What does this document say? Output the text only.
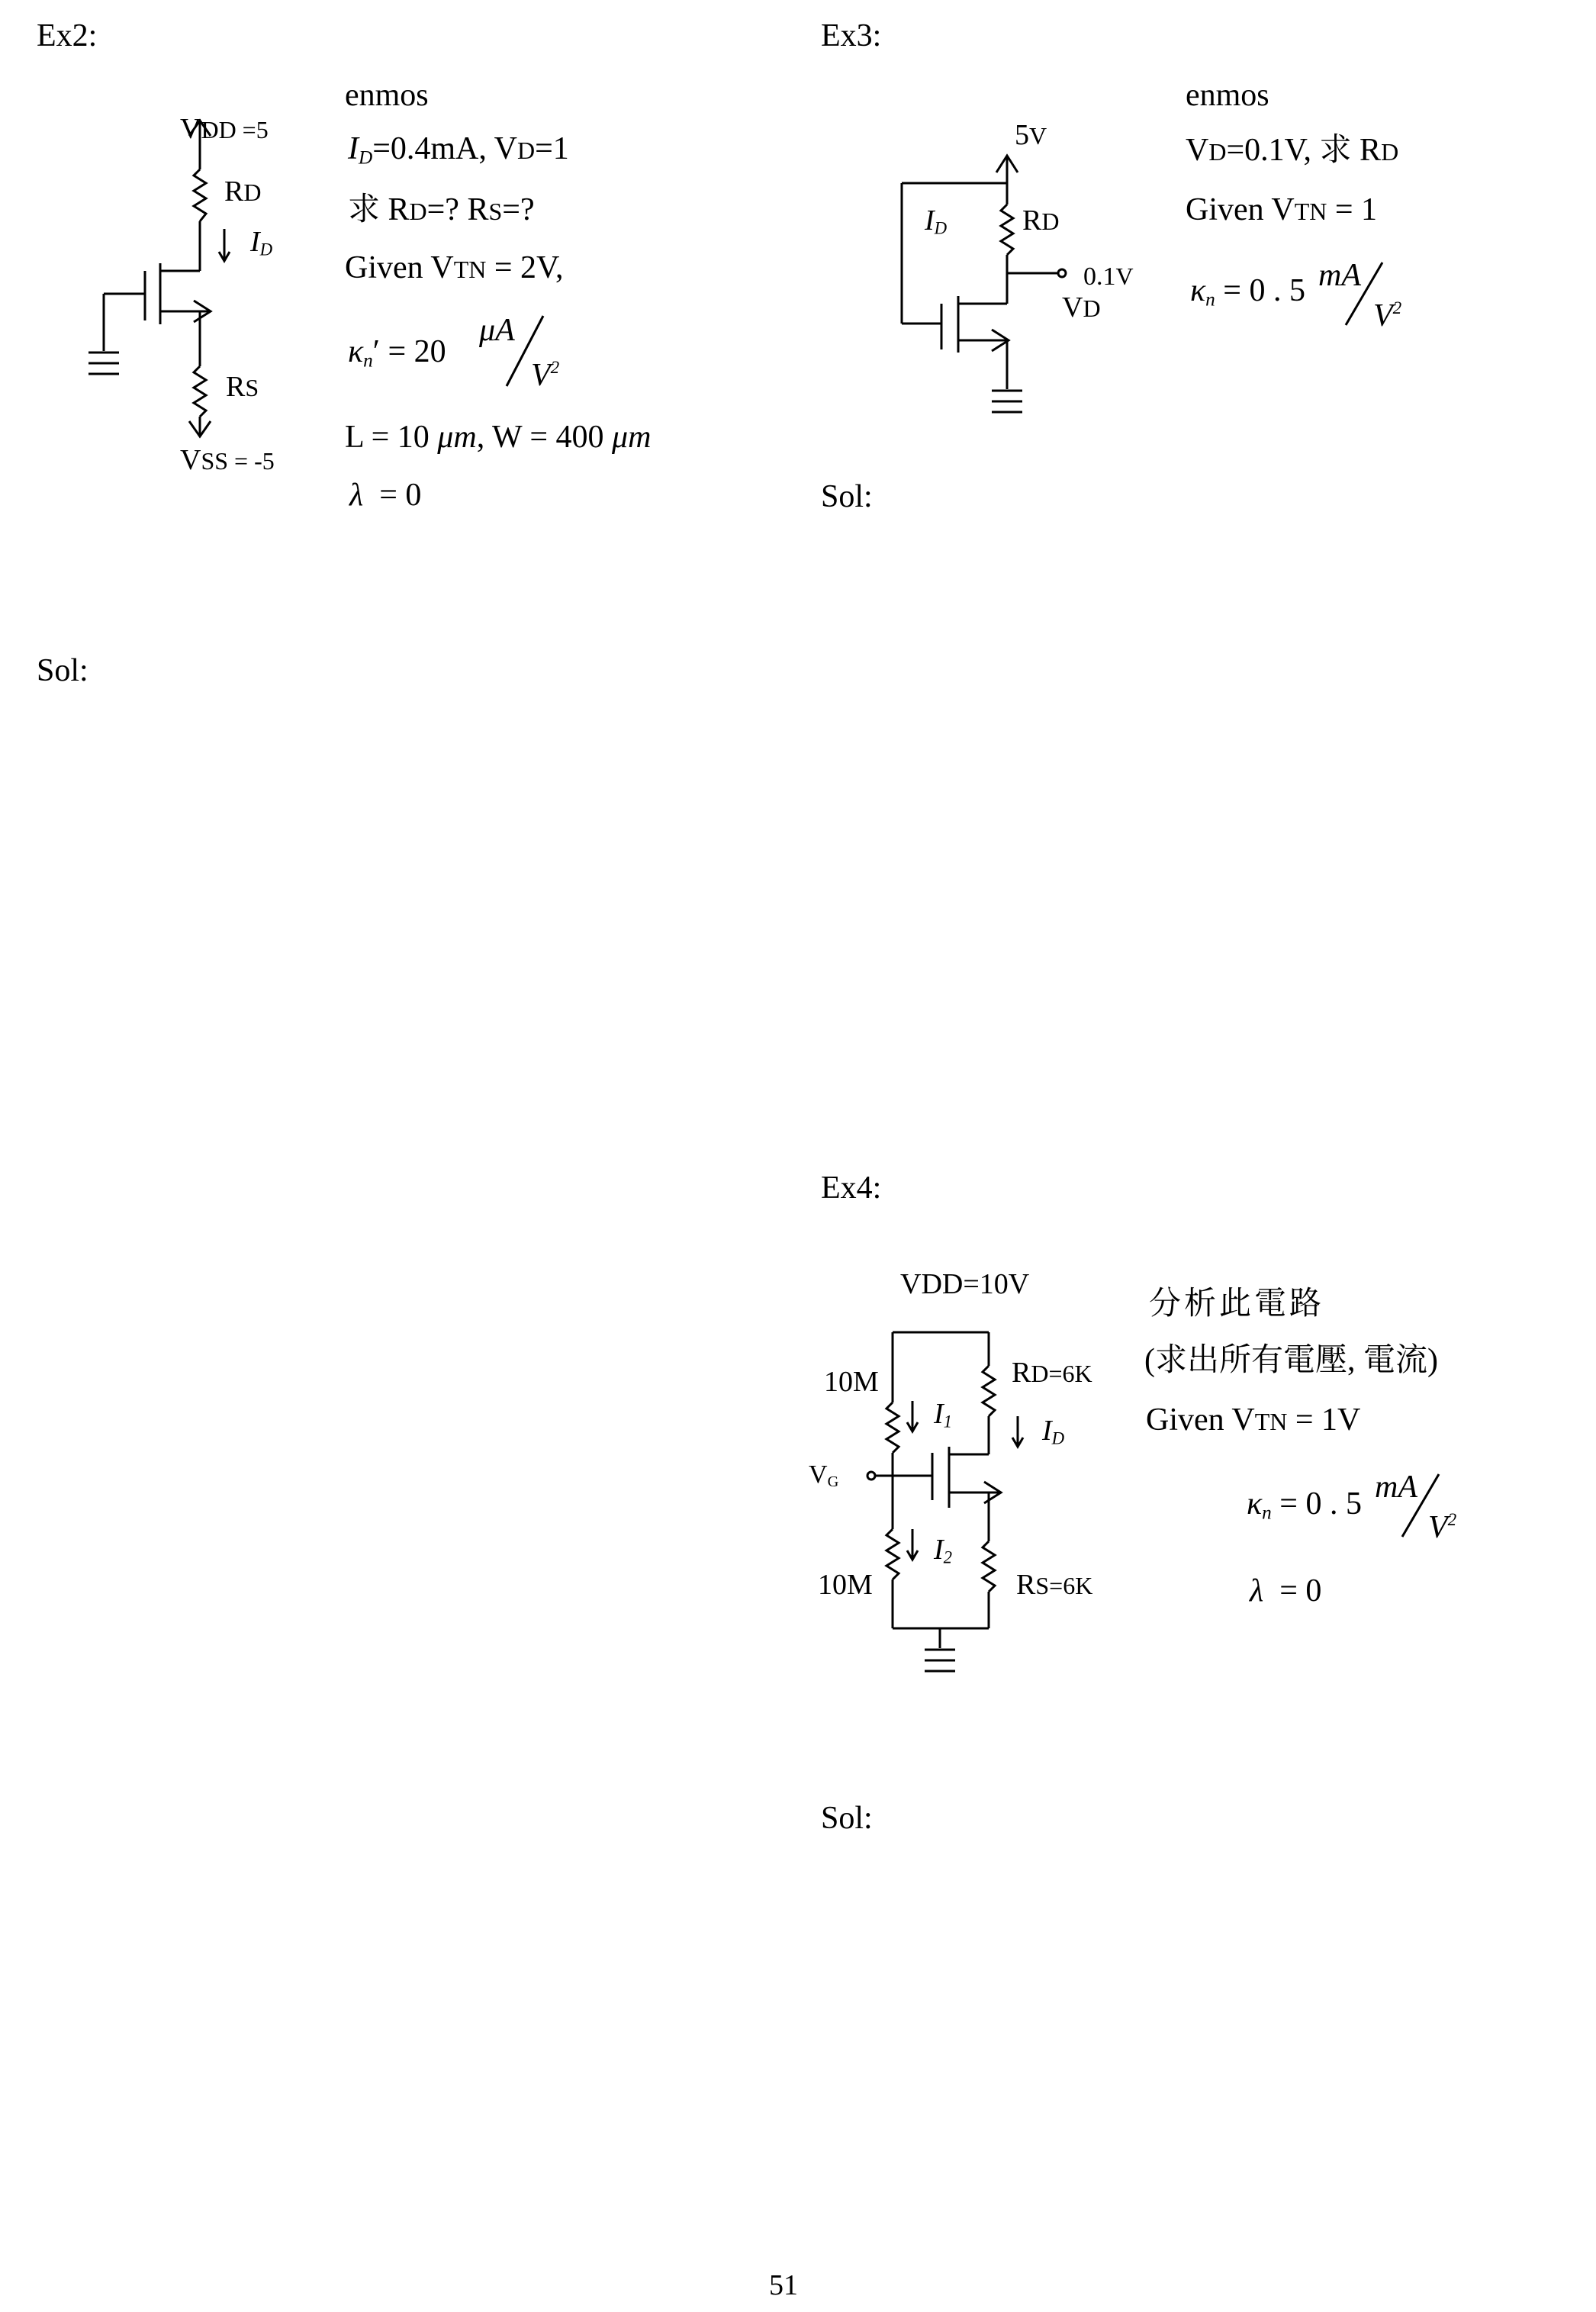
Ex2:
VDD =5
RD
$I_D$
RS
VSS = -5
enmos
$I_D=0.4mA$, VD=1
求 RD=? RS=?
Given VTN = 2V,
$\kappa_n' = 20$
μA
$V^2$
L = 10 μm, W = 400 μm
λ  = 0
Sol:
Ex3:
5V
RD
$I_D$
0.1V
VD
enmos
VD=0.1V, 求 RD
Given VTN = 1
$\kappa_n = 0$ . 5 mA
$V^2$
Sol:
Ex4:
VDD=10V
10M
10M
RD=6K
RS=6K
$V_G$
$I_1$
$I_2$
$I_D$
分析此電路
(求出所有電壓, 電流)
Given VTN = 1V
$\kappa_n = 0$ . 5 mA
$V^2$
λ  = 0
Sol:
51
